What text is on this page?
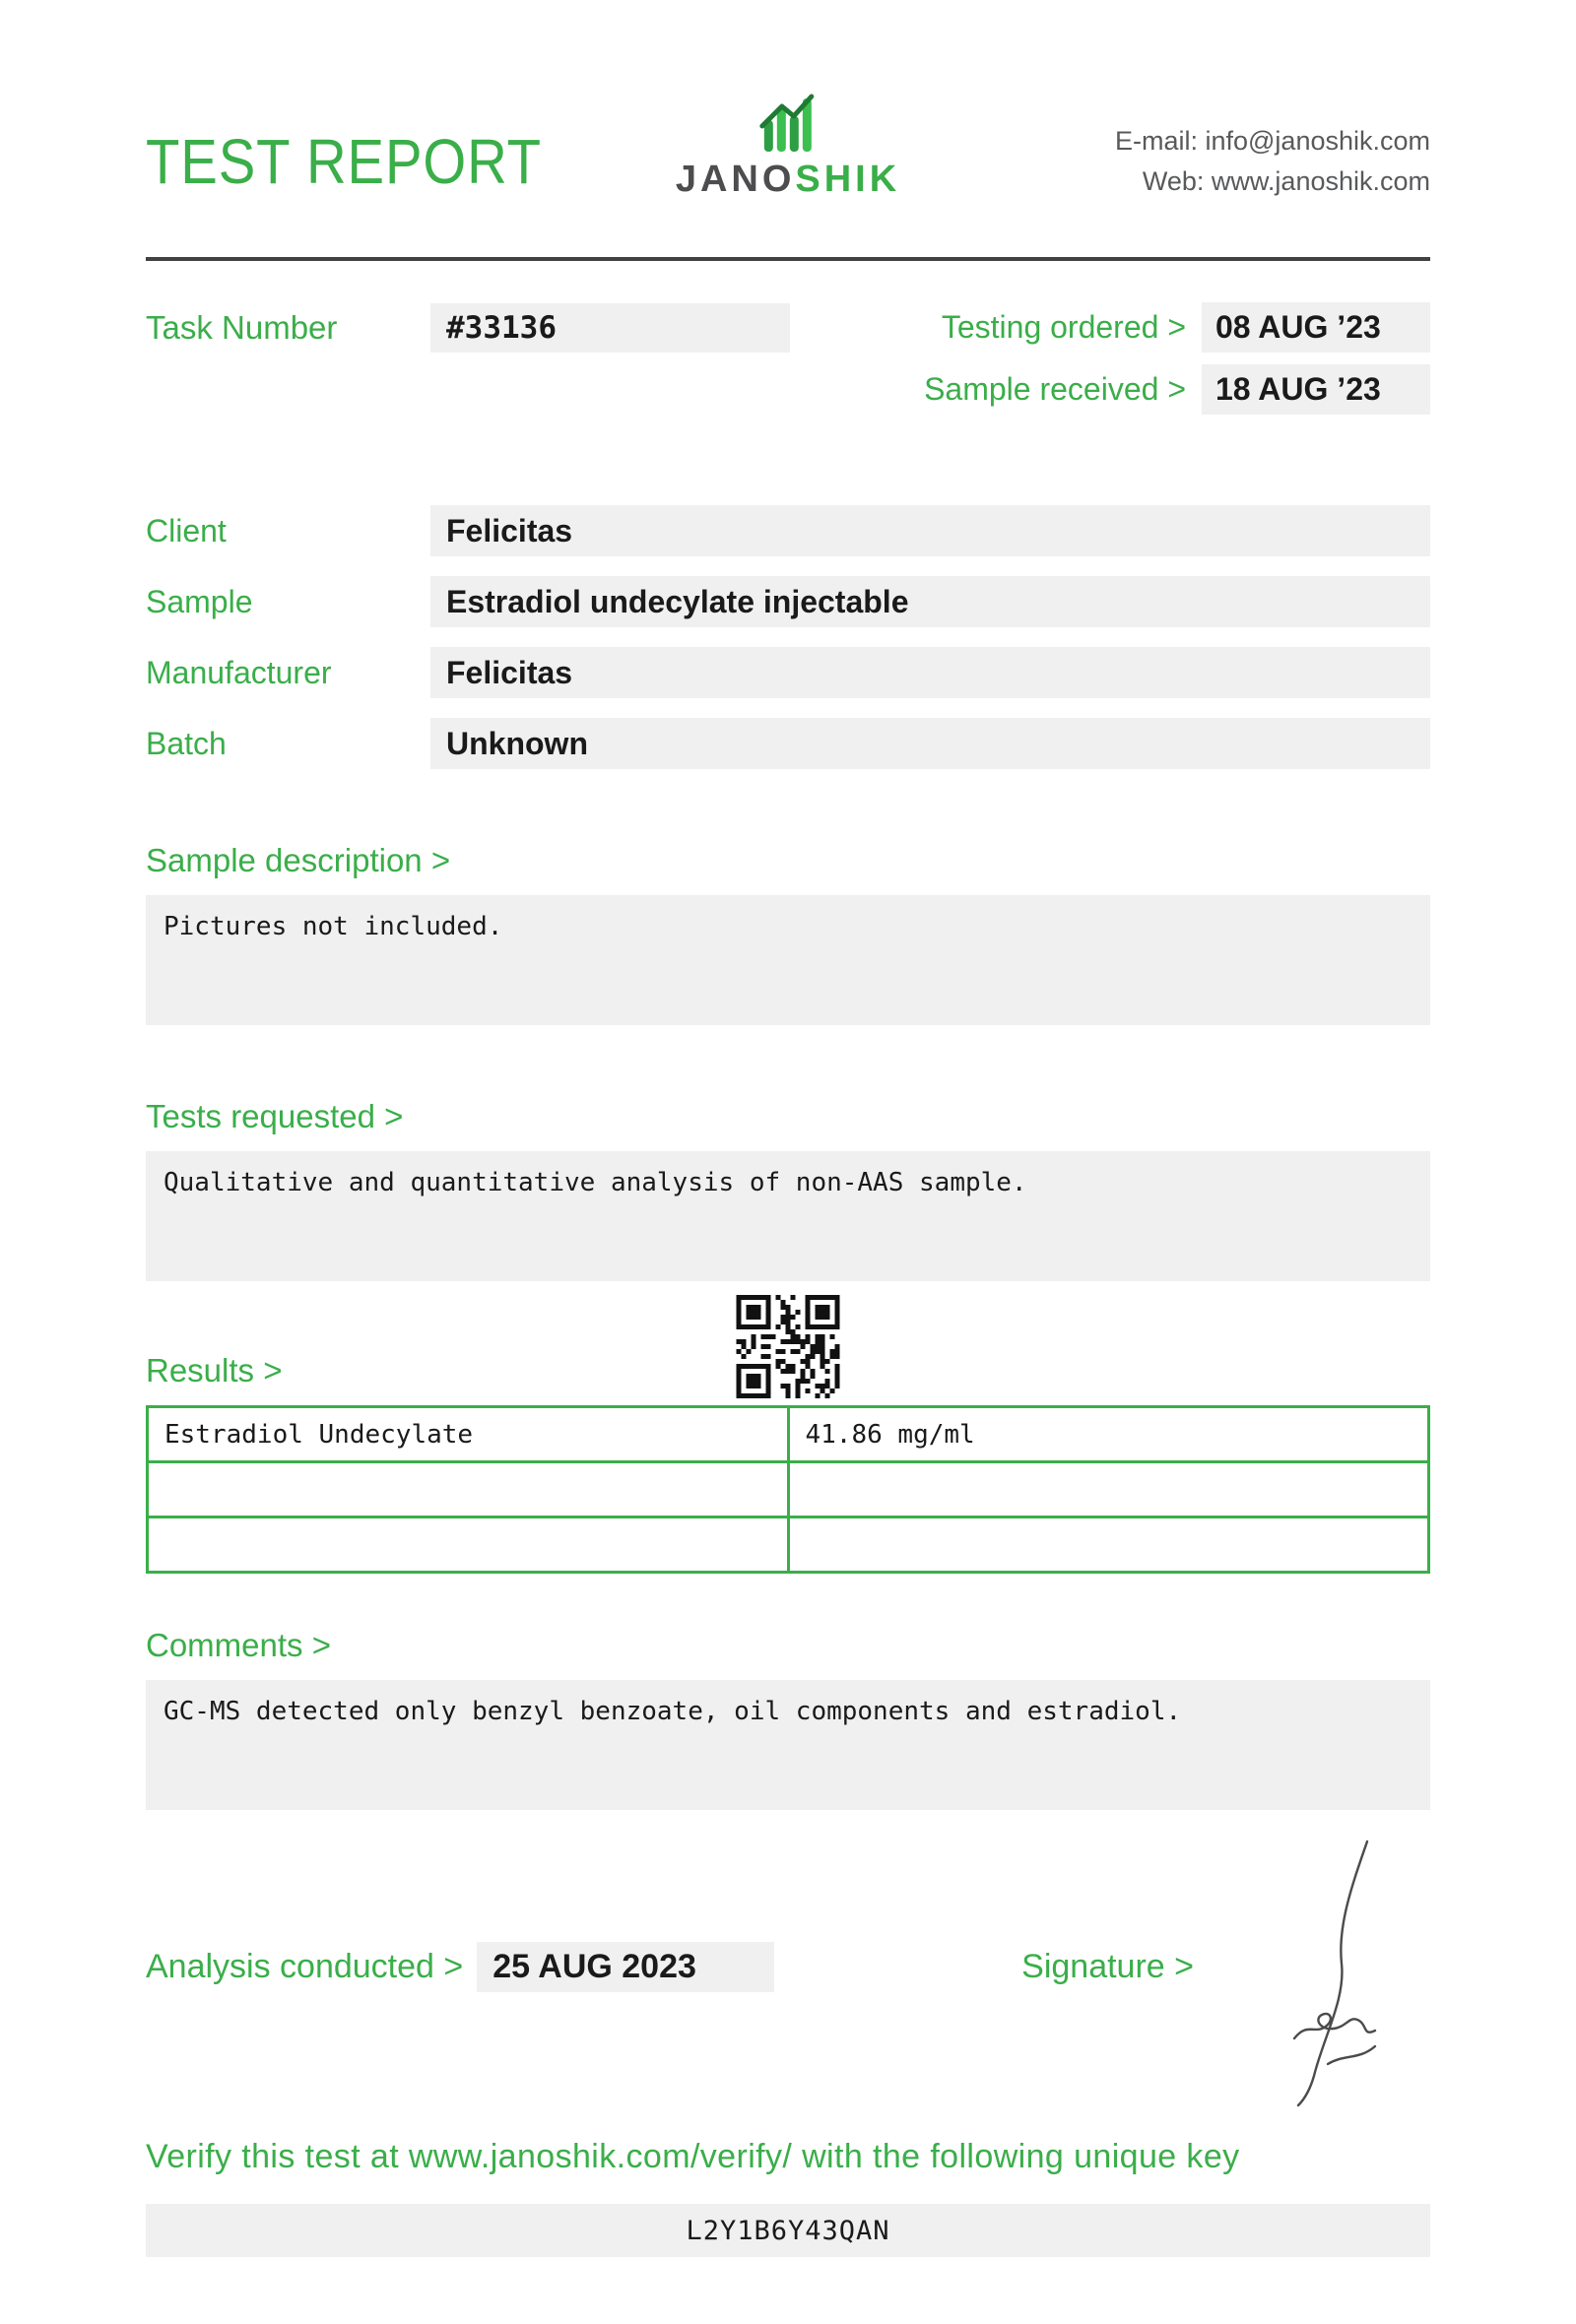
TEST REPORT	JANOSHIK
E-mail: info@janoshik.com
Web: www.janoshik.com
Task Number	#33136	Testing ordered > 08 AUG ’23
Sample received > 18 AUG ’23
Client	Felicitas
Sample	Estradiol undecylate injectable
Manufacturer	Felicitas
Batch	Unknown
Sample description >
Pictures not included.
Tests requested >
Qualitative and quantitative analysis of non-AAS sample.
Results >
Estradiol Undecylate	41.86 mg/ml

Comments >
GC-MS detected only benzyl benzoate, oil components and estradiol.
Analysis conducted > 25 AUG 2023	Signature >
Verify this test at www.janoshik.com/verify/ with the following unique key
L2Y1B6Y43QAN
